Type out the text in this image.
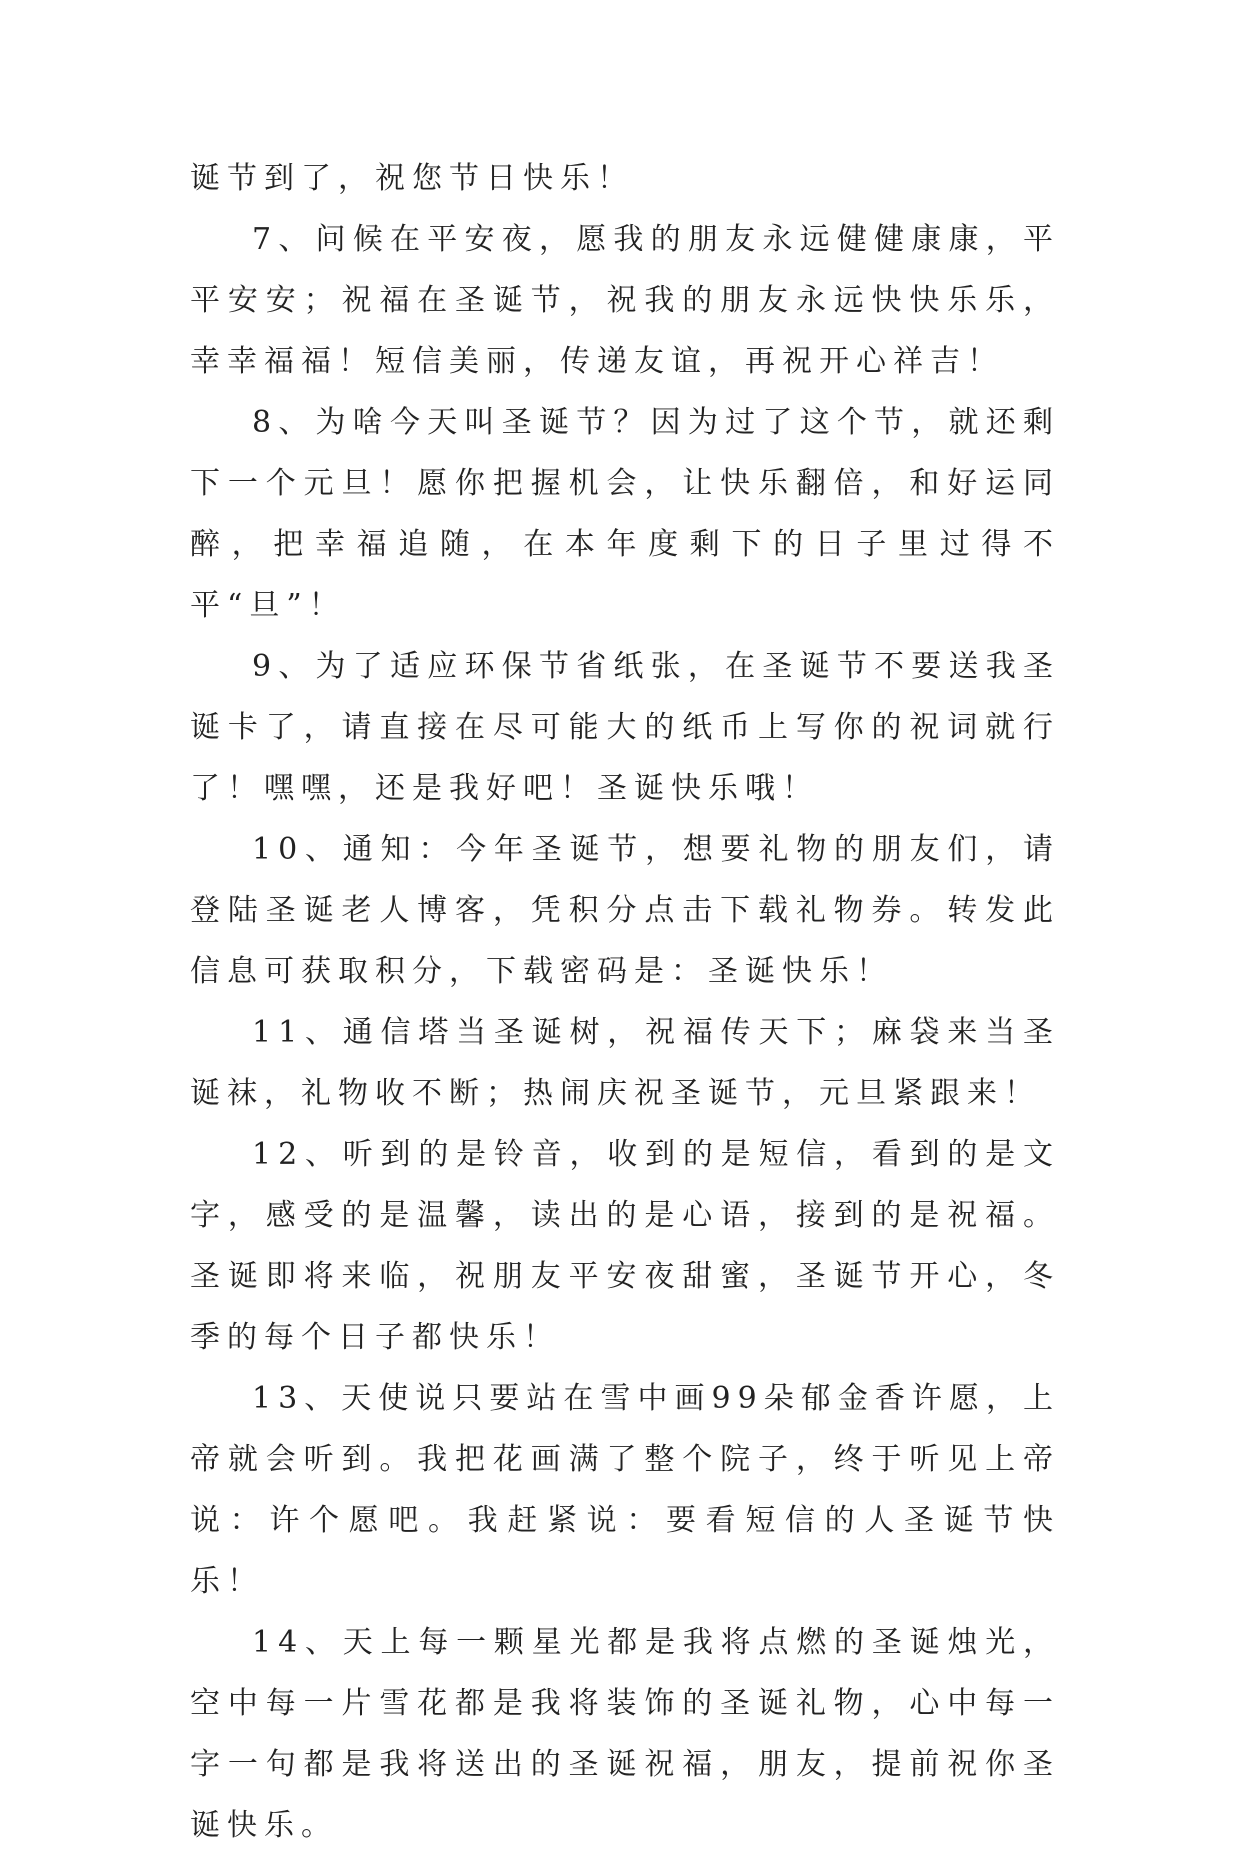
诞节到了，祝您节日快乐！

7、问候在平安夜，愿我的朋友永远健健康康，平平安安；祝福在圣诞节，祝我的朋友永远快快乐乐，幸幸福福！短信美丽，传递友谊，再祝开心祥吉！

8、为啥今天叫圣诞节？因为过了这个节，就还剩下一个元旦！愿你把握机会，让快乐翻倍，和好运同醉，把幸福追随，在本年度剩下的日子里过得不平“旦”！

9、为了适应环保节省纸张，在圣诞节不要送我圣诞卡了，请直接在尽可能大的纸币上写你的祝词就行了！嘿嘿，还是我好吧！圣诞快乐哦！

10、通知：今年圣诞节，想要礼物的朋友们，请登陆圣诞老人博客，凭积分点击下载礼物券。转发此信息可获取积分，下载密码是：圣诞快乐！

11、通信塔当圣诞树，祝福传天下；麻袋来当圣诞袜，礼物收不断；热闹庆祝圣诞节，元旦紧跟来！

12、听到的是铃音，收到的是短信，看到的是文字，感受的是温馨，读出的是心语，接到的是祝福。圣诞即将来临，祝朋友平安夜甜蜜，圣诞节开心，冬季的每个日子都快乐！

13、天使说只要站在雪中画99朵郁金香许愿，上帝就会听到。我把花画满了整个院子，终于听见上帝说：许个愿吧。我赶紧说：要看短信的人圣诞节快乐！

14、天上每一颗星光都是我将点燃的圣诞烛光，空中每一片雪花都是我将装饰的圣诞礼物，心中每一字一句都是我将送出的圣诞祝福，朋友，提前祝你圣诞快乐。
